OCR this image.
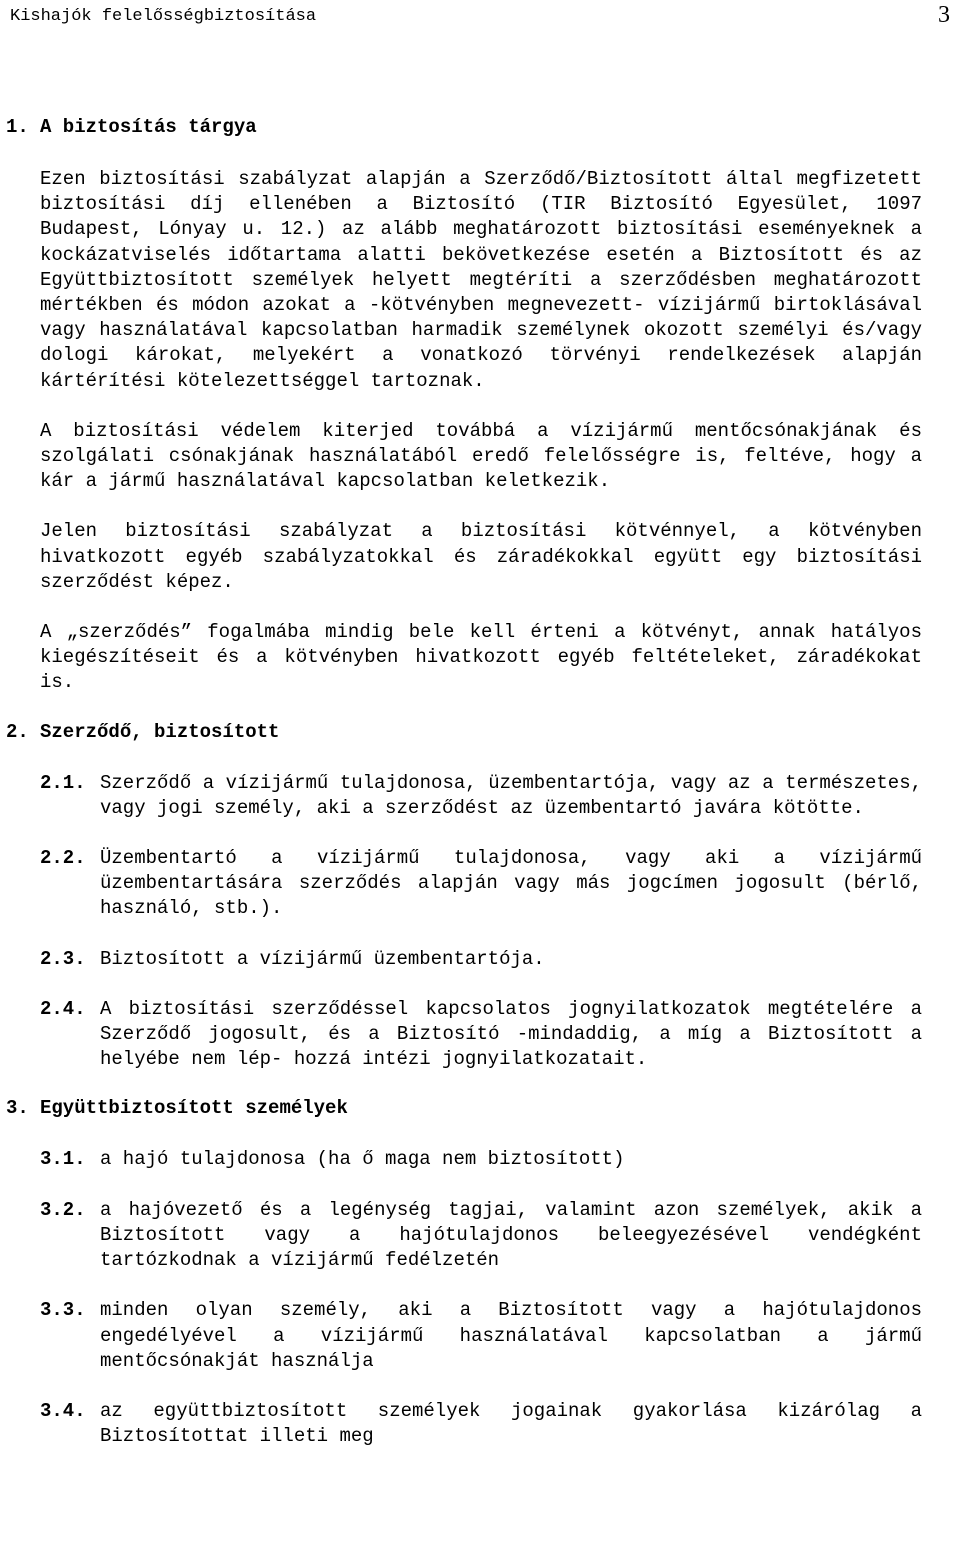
Kishajók felelősségbiztosítása	3
1. A biztosítás tárgya

Ezen biztosítási szabályzat alapján a Szerződő/Biztosított által megfizetett biztosítási díj ellenében a Biztosító (TIR Biztosító Egyesület, 1097 Budapest, Lónyay u. 12.) az alább meghatározott biztosítási eseményeknek a kockázatviselés időtartama alatti bekövetkezése esetén a Biztosított és az Együttbiztosított személyek helyett megtéríti a szerződésben meghatározott mértékben és módon azokat a -kötvényben megnevezett- vízijármű birtoklásával vagy használatával kapcsolatban harmadik személynek okozott személyi és/vagy dologi károkat, melyekért a vonatkozó törvényi rendelkezések alapján kártérítési kötelezettséggel tartoznak.

A biztosítási védelem kiterjed továbbá a vízijármű mentőcsónakjának és szolgálati csónakjának használatából eredő felelősségre is, feltéve, hogy a kár a jármű használatával kapcsolatban keletkezik.

Jelen biztosítási szabályzat a biztosítási kötvénnyel, a kötvényben hivatkozott egyéb szabályzatokkal és záradékokkal együtt egy biztosítási szerződést képez.

A „szerződés” fogalmába mindig bele kell érteni a kötvényt, annak hatályos kiegészítéseit és a kötvényben hivatkozott egyéb feltételeket, záradékokat is.

2. Szerződő, biztosított
2.1. Szerződő a vízijármű tulajdonosa, üzembentartója, vagy az a természetes, vagy jogi személy, aki a szerződést az üzembentartó javára kötötte.
2.2. Üzembentartó a vízijármű tulajdonosa, vagy aki a vízijármű üzembentartására szerződés alapján vagy más jogcímen jogosult (bérlő, használó, stb.).
2.3. Biztosított a vízijármű üzembentartója.
2.4. A biztosítási szerződéssel kapcsolatos jognyilatkozatok megtételére a Szerződő jogosult, és a Biztosító -mindaddig, a míg a Biztosított a helyébe nem lép- hozzá intézi jognyilatkozatait.
3. Együttbiztosított személyek
3.1. a hajó tulajdonosa (ha ő maga nem biztosított)
3.2. a hajóvezető és a legénység tagjai, valamint azon személyek, akik a Biztosított vagy a hajótulajdonos beleegyezésével vendégként tartózkodnak a vízijármű fedélzetén
3.3. minden olyan személy, aki a Biztosított vagy a hajótulajdonos engedélyével a vízijármű használatával kapcsolatban a jármű mentőcsónakját használja
3.4. az együttbiztosított személyek jogainak gyakorlása kizárólag a Biztosítottat illeti meg
